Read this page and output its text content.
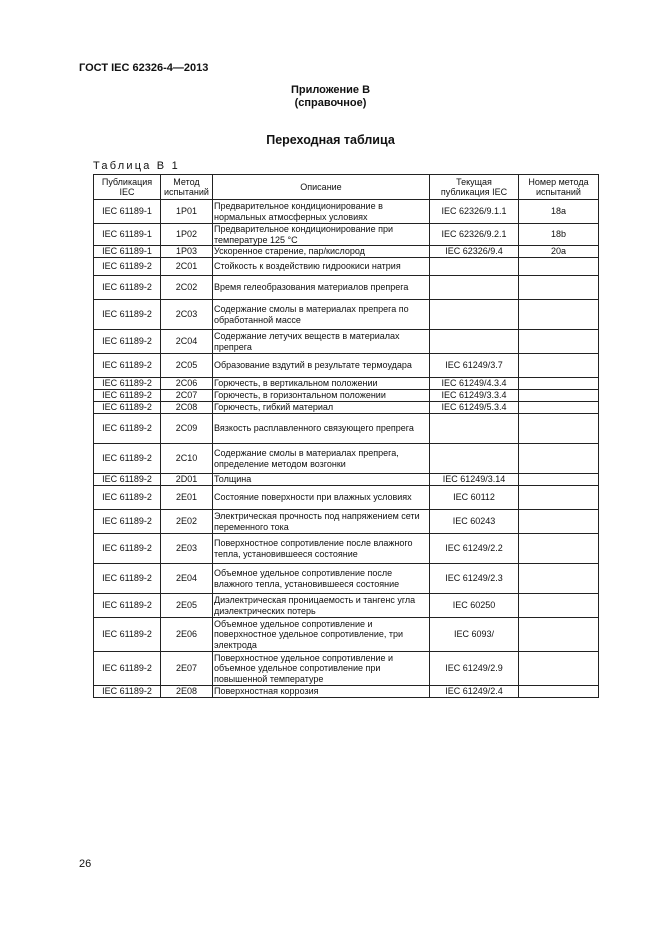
ГОСТ IEC 62326-4—2013
Приложение В
(справочное)
Переходная таблица
Таблица В 1
Публикация IEC	Метод испытаний	Описание	Текущая публикация IEC	Номер метода испытаний
IEC 61189-1	1P01	Предварительное кондиционирование в нормальных атмосферных условиях	IEC 62326/9.1.1	18a
IEC 61189-1	1P02	Предварительное кондиционирование при температуре 125 °C	IEC 62326/9.2.1	18b
IEC 61189-1	1P03	Ускоренное старение, пар/кислород	IEC 62326/9.4	20a
IEC 61189-2	2C01	Стойкость к воздействию гидроокиси натрия		
IEC 61189-2	2C02	Время гелеобразования материалов препрега		
IEC 61189-2	2C03	Содержание смолы в материалах препрега по обработанной массе		
IEC 61189-2	2C04	Содержание летучих веществ в материалах препрега		
IEC 61189-2	2C05	Образование вздутий в результате термоудара	IEC 61249/3.7	
IEC 61189-2	2C06	Горючесть, в вертикальном положении	IEC 61249/4.3.4	
IEC 61189-2	2C07	Горючесть, в горизонтальном положении	IEC 61249/3.3.4	
IEC 61189-2	2C08	Горючесть, гибкий материал	IEC 61249/5.3.4	
IEC 61189-2	2C09	Вязкость расплавленного связующего препрега		
IEC 61189-2	2C10	Содержание смолы в материалах препрега, определение методом возгонки		
IEC 61189-2	2D01	Толщина	IEC 61249/3.14	
IEC 61189-2	2E01	Состояние поверхности при влажных условиях	IEC 60112	
IEC 61189-2	2E02	Электрическая прочность под напряжением сети переменного тока	IEC 60243	
IEC 61189-2	2E03	Поверхностное сопротивление после влажного тепла, установившееся состояние	IEC 61249/2.2	
IEC 61189-2	2E04	Объемное удельное сопротивление после влажного тепла, установившееся состояние	IEC 61249/2.3	
IEC 61189-2	2E05	Диэлектрическая проницаемость и тангенс угла диэлектрических потерь	IEC 60250	
IEC 61189-2	2E06	Объемное удельное сопротивление и поверхностное удельное сопротивление, три электрода	IEC 6093/	
IEC 61189-2	2E07	Поверхностное удельное сопротивление и объемное удельное сопротивление при повышенной температуре	IEC 61249/2.9	
IEC 61189-2	2E08	Поверхностная коррозия	IEC 61249/2.4	
26
